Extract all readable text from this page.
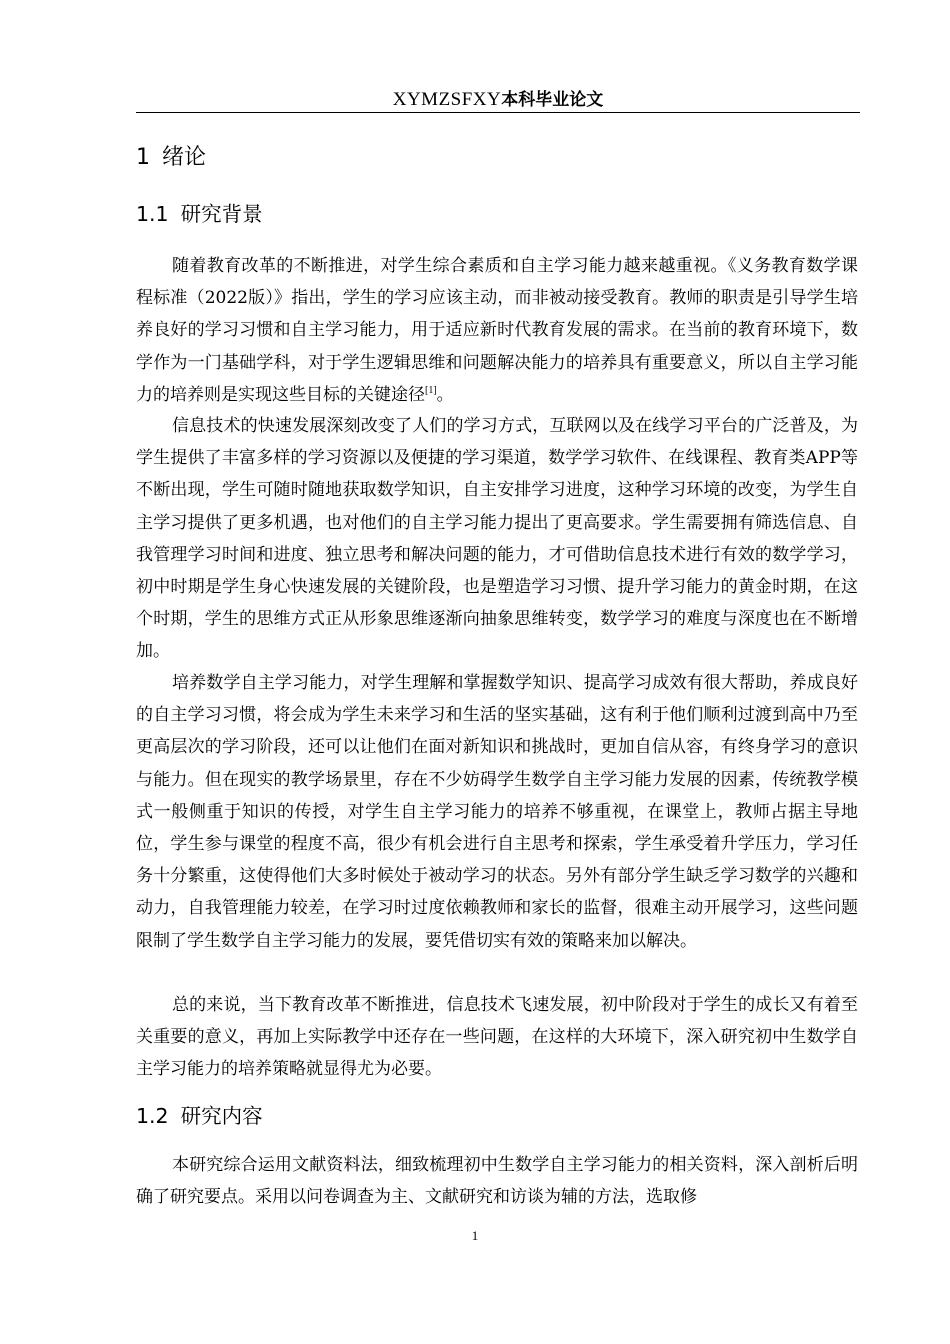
XYMZSFXY本科毕业论文
1 绪论
1.1 研究背景

随着教育改革的不断推进，对学生综合素质和自主学习能力越来越重视。《义务教育数学课程标准（2022版）》指出，学生的学习应该主动，而非被动接受教育。教师的职责是引导学生培养良好的学习习惯和自主学习能力，用于适应新时代教育发展的需求。在当前的教育环境下，数学作为一门基础学科，对于学生逻辑思维和问题解决能力的培养具有重要意义，所以自主学习能力的培养则是实现这些目标的关键途径[1]。

信息技术的快速发展深刻改变了人们的学习方式，互联网以及在线学习平台的广泛普及，为学生提供了丰富多样的学习资源以及便捷的学习渠道，数学学习软件、在线课程、教育类APP等不断出现，学生可随时随地获取数学知识，自主安排学习进度，这种学习环境的改变，为学生自主学习提供了更多机遇，也对他们的自主学习能力提出了更高要求。学生需要拥有筛选信息、自我管理学习时间和进度、独立思考和解决问题的能力，才可借助信息技术进行有效的数学学习，初中时期是学生身心快速发展的关键阶段，也是塑造学习习惯、提升学习能力的黄金时期，在这个时期，学生的思维方式正从形象思维逐渐向抽象思维转变，数学学习的难度与深度也在不断增加。

培养数学自主学习能力，对学生理解和掌握数学知识、提高学习成效有很大帮助，养成良好的自主学习习惯，将会成为学生未来学习和生活的坚实基础，这有利于他们顺利过渡到高中乃至更高层次的学习阶段，还可以让他们在面对新知识和挑战时，更加自信从容，有终身学习的意识与能力。但在现实的教学场景里，存在不少妨碍学生数学自主学习能力发展的因素，传统教学模式一般侧重于知识的传授，对学生自主学习能力的培养不够重视，在课堂上，教师占据主导地位，学生参与课堂的程度不高，很少有机会进行自主思考和探索，学生承受着升学压力，学习任务十分繁重，这使得他们大多时候处于被动学习的状态。另外有部分学生缺乏学习数学的兴趣和动力，自我管理能力较差，在学习时过度依赖教师和家长的监督，很难主动开展学习，这些问题限制了学生数学自主学习能力的发展，要凭借切实有效的策略来加以解决。

总的来说，当下教育改革不断推进，信息技术飞速发展，初中阶段对于学生的成长又有着至关重要的意义，再加上实际教学中还存在一些问题，在这样的大环境下，深入研究初中生数学自主学习能力的培养策略就显得尤为必要。

1.2 研究内容

本研究综合运用文献资料法，细致梳理初中生数学自主学习能力的相关资料，深入剖析后明确了研究要点。采用以问卷调查为主、文献研究和访谈为辅的方法，选取修

1
